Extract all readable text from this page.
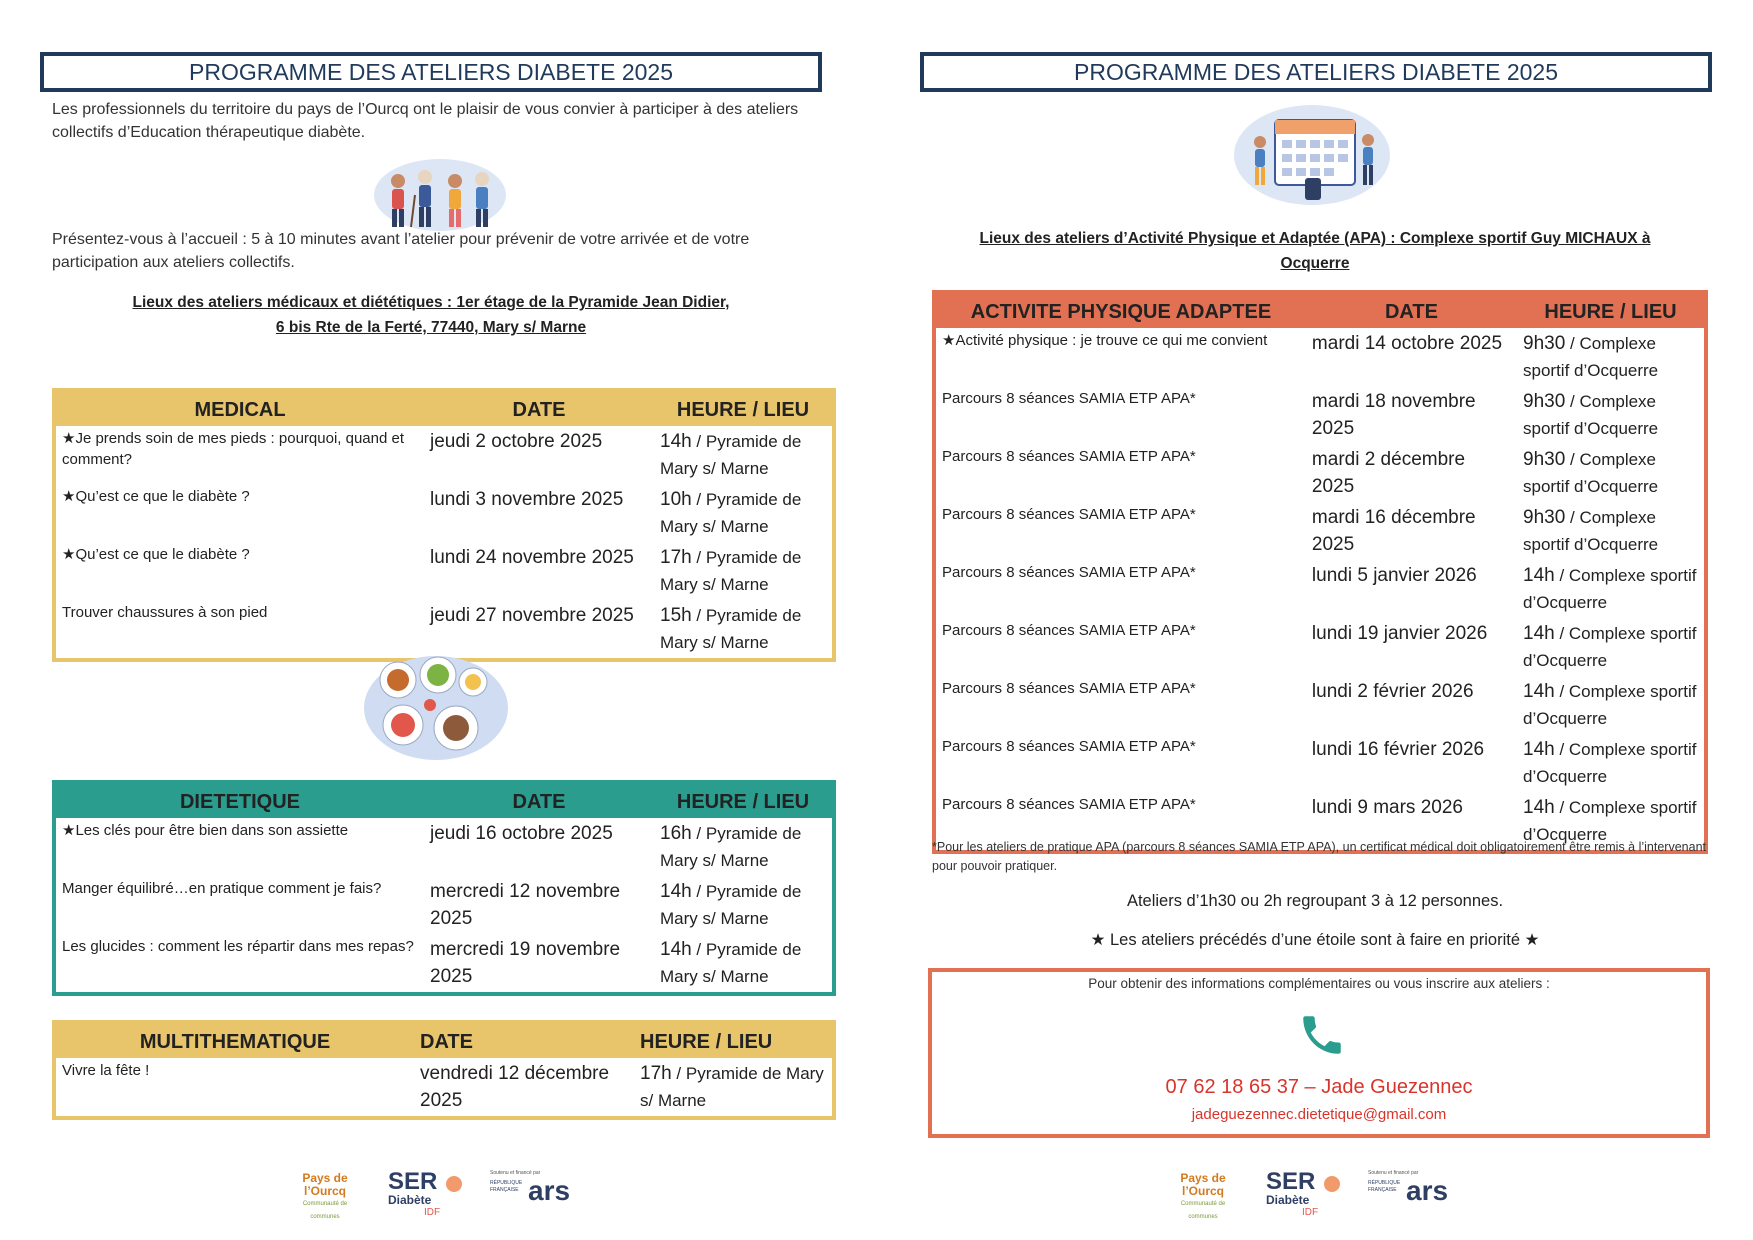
PROGRAMME DES ATELIERS DIABETE 2025
Les professionnels du territoire du pays de l’Ourcq ont le plaisir de vous convier à participer à des ateliers collectifs d’Education thérapeutique diabète.
Présentez-vous à l’accueil : 5 à 10 minutes avant l’atelier pour prévenir de votre arrivée et de votre participation aux ateliers collectifs.
Lieux des ateliers médicaux et diététiques : 1er étage de la Pyramide Jean Didier,
6 bis Rte de la Ferté, 77440, Mary s/ Marne
MEDICAL	DATE	HEURE / LIEU
★Je prends soin de mes pieds : pourquoi, quand et comment?	jeudi 2 octobre 2025	14h / Pyramide de Mary s/ Marne
★Qu’est ce que le diabète ?	lundi 3 novembre 2025	10h / Pyramide de Mary s/ Marne
★Qu’est ce que le diabète ?	lundi 24 novembre 2025	17h / Pyramide de Mary s/ Marne
Trouver chaussures à son pied	jeudi 27 novembre 2025	15h / Pyramide de Mary s/ Marne
DIETETIQUE	DATE	HEURE / LIEU
★Les clés pour être bien dans son assiette	jeudi 16 octobre 2025	16h / Pyramide de Mary s/ Marne
Manger équilibré…en pratique comment je fais?	mercredi 12 novembre 2025	14h / Pyramide de Mary s/ Marne
Les glucides : comment les répartir dans mes repas?	mercredi 19 novembre 2025	14h / Pyramide de Mary s/ Marne
MULTITHEMATIQUE	DATE	HEURE / LIEU
Vivre la fête !	vendredi 12 décembre 2025	17h / Pyramide de Mary s/ Marne
Pays de l’Ourcq
Communauté de communes
SER
Diabète
IDF
Soutenu et financé par
RÉPUBLIQUE FRANÇAISE ars
PROGRAMME DES ATELIERS DIABETE 2025
Lieux des ateliers d’Activité Physique et Adaptée (APA) : Complexe sportif Guy MICHAUX à
Ocquerre
ACTIVITE PHYSIQUE ADAPTEE	DATE	HEURE / LIEU
★Activité physique : je trouve ce qui me convient	mardi 14 octobre 2025	9h30 / Complexe sportif d’Ocquerre
Parcours 8 séances SAMIA ETP APA*	mardi 18 novembre 2025	9h30 / Complexe sportif d’Ocquerre
Parcours 8 séances SAMIA ETP APA*	mardi 2 décembre 2025	9h30 / Complexe sportif d’Ocquerre
Parcours 8 séances SAMIA ETP APA*	mardi 16 décembre 2025	9h30 / Complexe sportif d’Ocquerre
Parcours 8 séances SAMIA ETP APA*	lundi 5 janvier 2026	14h / Complexe sportif d’Ocquerre
Parcours 8 séances SAMIA ETP APA*	lundi 19 janvier 2026	14h / Complexe sportif d’Ocquerre
Parcours 8 séances SAMIA ETP APA*	lundi 2 février 2026	14h / Complexe sportif d’Ocquerre
Parcours 8 séances SAMIA ETP APA*	lundi 16 février 2026	14h / Complexe sportif d’Ocquerre
Parcours 8 séances SAMIA ETP APA*	lundi 9 mars 2026	14h / Complexe sportif d’Ocquerre
*Pour les ateliers de pratique APA (parcours 8 séances SAMIA ETP APA), un certificat médical doit obligatoirement être remis à l’intervenant pour pouvoir pratiquer.
Ateliers d’1h30 ou 2h regroupant 3 à 12 personnes.
★ Les ateliers précédés d’une étoile sont à faire en priorité ★
Pour obtenir des informations complémentaires ou vous inscrire aux ateliers :
07 62 18 65 37 – Jade Guezennec
jadeguezennec.dietetique@gmail.com
Pays de l’Ourcq
Communauté de communes
SER
Diabète
IDF
Soutenu et financé par
RÉPUBLIQUE FRANÇAISE ars
